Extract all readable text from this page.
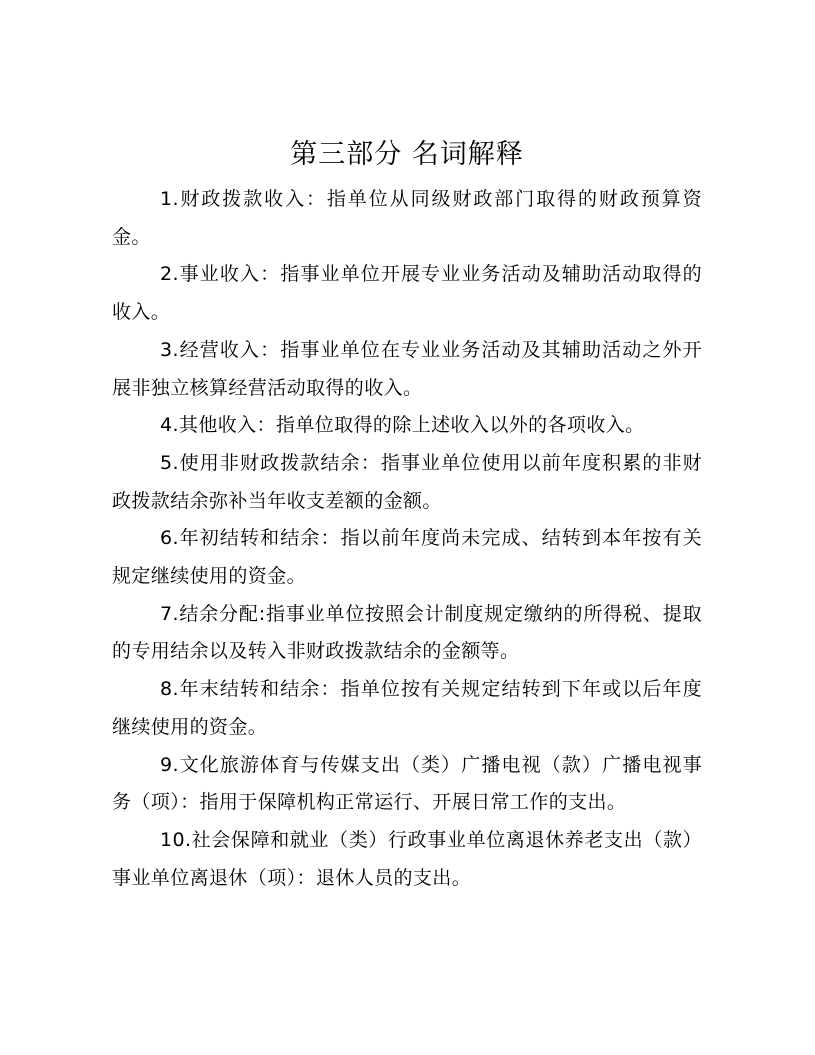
第三部分 名词解释

1.财政拨款收入：指单位从同级财政部门取得的财政预算资金。

2.事业收入：指事业单位开展专业业务活动及辅助活动取得的收入。

3.经营收入：指事业单位在专业业务活动及其辅助活动之外开展非独立核算经营活动取得的收入。

4.其他收入：指单位取得的除上述收入以外的各项收入。

5.使用非财政拨款结余：指事业单位使用以前年度积累的非财政拨款结余弥补当年收支差额的金额。

6.年初结转和结余：指以前年度尚未完成、结转到本年按有关规定继续使用的资金。

7.结余分配:指事业单位按照会计制度规定缴纳的所得税、提取的专用结余以及转入非财政拨款结余的金额等。

8.年末结转和结余：指单位按有关规定结转到下年或以后年度继续使用的资金。

9.文化旅游体育与传媒支出（类）广播电视（款）广播电视事务（项）：指用于保障机构正常运行、开展日常工作的支出。

10.社会保障和就业（类）行政事业单位离退休养老支出（款）事业单位离退休（项）：退休人员的支出。
